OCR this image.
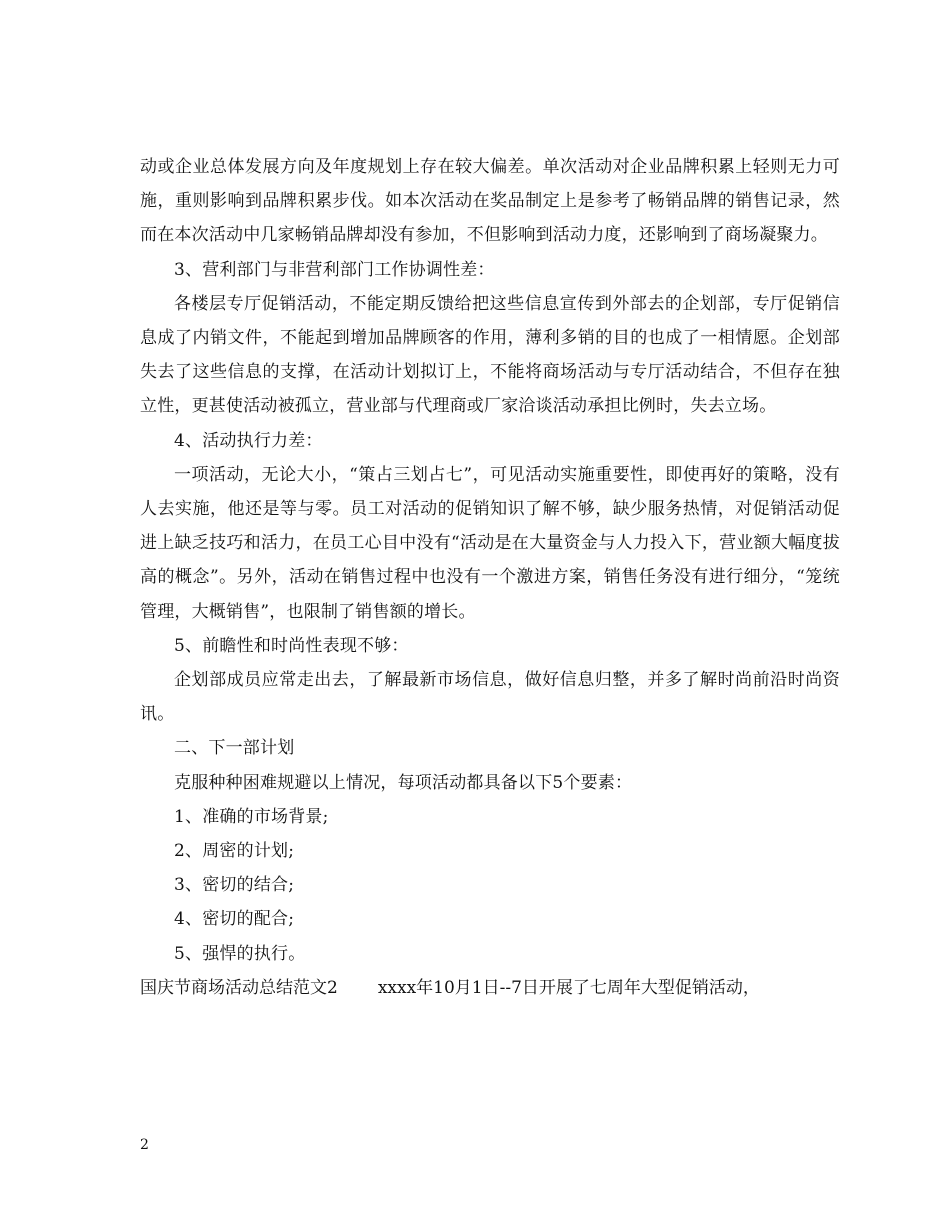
动或企业总体发展方向及年度规划上存在较大偏差。单次活动对企业品牌积累上轻则无力可施，重则影响到品牌积累步伐。如本次活动在奖品制定上是参考了畅销品牌的销售记录，然而在本次活动中几家畅销品牌却没有参加，不但影响到活动力度，还影响到了商场凝聚力。

3、营利部门与非营利部门工作协调性差：

各楼层专厅促销活动，不能定期反馈给把这些信息宣传到外部去的企划部，专厅促销信息成了内销文件，不能起到增加品牌顾客的作用，薄利多销的目的也成了一相情愿。企划部失去了这些信息的支撑，在活动计划拟订上，不能将商场活动与专厅活动结合，不但存在独立性，更甚使活动被孤立，营业部与代理商或厂家洽谈活动承担比例时，失去立场。

4、活动执行力差：

一项活动，无论大小，“策占三划占七”，可见活动实施重要性，即使再好的策略，没有人去实施，他还是等与零。员工对活动的促销知识了解不够，缺少服务热情，对促销活动促进上缺乏技巧和活力，在员工心目中没有“活动是在大量资金与人力投入下，营业额大幅度拔高的概念”。另外，活动在销售过程中也没有一个激进方案，销售任务没有进行细分，“笼统管理，大概销售”，也限制了销售额的增长。

5、前瞻性和时尚性表现不够：

企划部成员应常走出去，了解最新市场信息，做好信息归整，并多了解时尚前沿时尚资讯。

二、下一部计划

克服种种困难规避以上情况，每项活动都具备以下5个要素：

1、准确的市场背景;

2、周密的计划;

3、密切的结合;

4、密切的配合;

5、强悍的执行。

国庆节商场活动总结范文2 xxxx年10月1日--7日开展了七周年大型促销活动，
2
